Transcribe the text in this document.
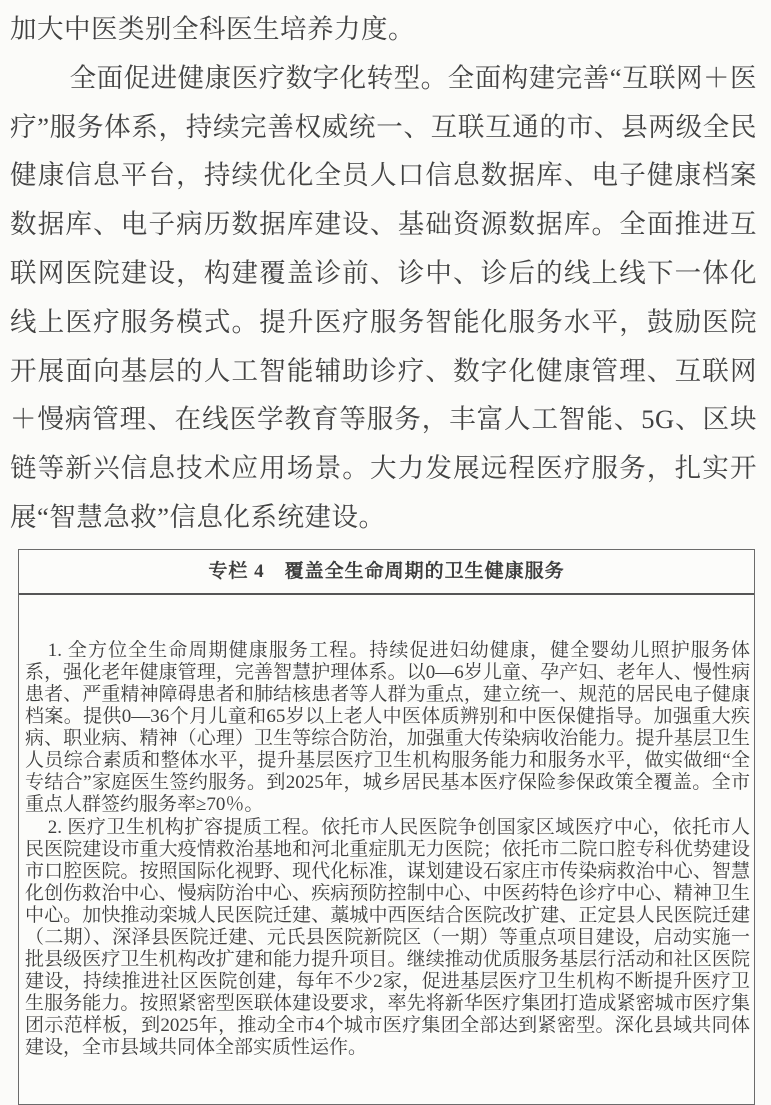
加大中医类别全科医生培养力度。

全面促进健康医疗数字化转型。全面构建完善“互联网＋医疗”服务体系，持续完善权威统一、互联互通的市、县两级全民健康信息平台，持续优化全员人口信息数据库、电子健康档案数据库、电子病历数据库建设、基础资源数据库。全面推进互联网医院建设，构建覆盖诊前、诊中、诊后的线上线下一体化线上医疗服务模式。提升医疗服务智能化服务水平，鼓励医院开展面向基层的人工智能辅助诊疗、数字化健康管理、互联网＋慢病管理、在线医学教育等服务，丰富人工智能、5G、区块链等新兴信息技术应用场景。大力发展远程医疗服务，扎实开展“智慧急救”信息化系统建设。

专栏 4　覆盖全生命周期的卫生健康服务

1. 全方位全生命周期健康服务工程。持续促进妇幼健康，健全婴幼儿照护服务体系，强化老年健康管理，完善智慧护理体系。以0—6岁儿童、孕产妇、老年人、慢性病患者、严重精神障碍患者和肺结核患者等人群为重点，建立统一、规范的居民电子健康档案。提供0—36个月儿童和65岁以上老人中医体质辨别和中医保健指导。加强重大疾病、职业病、精神（心理）卫生等综合防治，加强重大传染病收治能力。提升基层卫生人员综合素质和整体水平，提升基层医疗卫生机构服务能力和服务水平，做实做细“全专结合”家庭医生签约服务。到2025年，城乡居民基本医疗保险参保政策全覆盖。全市重点人群签约服务率≥70％。

2. 医疗卫生机构扩容提质工程。依托市人民医院争创国家区域医疗中心，依托市人民医院建设市重大疫情救治基地和河北重症肌无力医院；依托市二院口腔专科优势建设市口腔医院。按照国际化视野、现代化标准，谋划建设石家庄市传染病救治中心、智慧化创伤救治中心、慢病防治中心、疾病预防控制中心、中医药特色诊疗中心、精神卫生中心。加快推动栾城人民医院迁建、藁城中西医结合医院改扩建、正定县人民医院迁建（二期）、深泽县医院迁建、元氏县医院新院区（一期）等重点项目建设，启动实施一批县级医疗卫生机构改扩建和能力提升项目。继续推动优质服务基层行活动和社区医院建设，持续推进社区医院创建，每年不少2家，促进基层医疗卫生机构不断提升医疗卫生服务能力。按照紧密型医联体建设要求，率先将新华医疗集团打造成紧密城市医疗集团示范样板，到2025年，推动全市4个城市医疗集团全部达到紧密型。深化县域共同体建设，全市县域共同体全部实质性运作。
